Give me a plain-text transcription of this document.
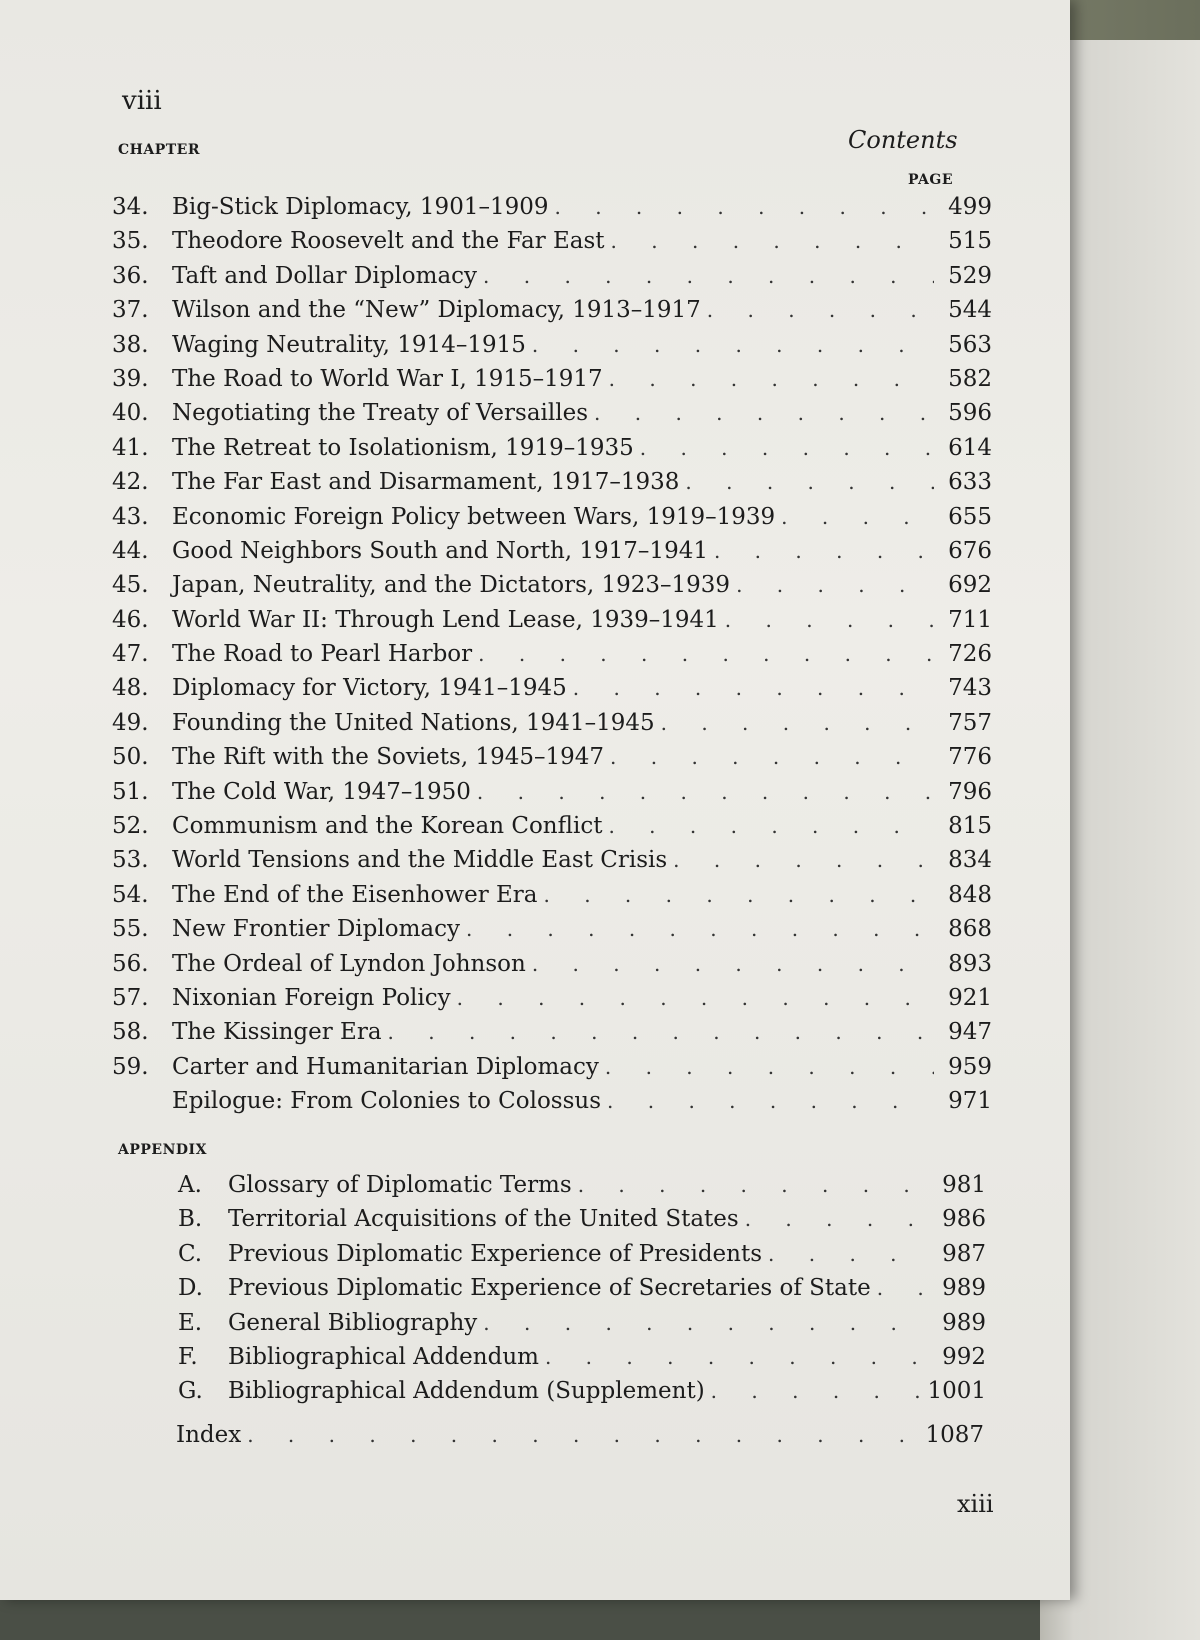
viii
Contents
CHAPTER
PAGE
34.	Big-Stick Diplomacy, 1901–1909 . . .	499
35.	Theodore Roosevelt and the Far East . . .	515
36.	Taft and Dollar Diplomacy . . .	529
37.	Wilson and the “New” Diplomacy, 1913–1917 . . .	544
38.	Waging Neutrality, 1914–1915 . . .	563
39.	The Road to World War I, 1915–1917 . . .	582
40.	Negotiating the Treaty of Versailles . . .	596
41.	The Retreat to Isolationism, 1919–1935 . . .	614
42.	The Far East and Disarmament, 1917–1938 . . .	633
43.	Economic Foreign Policy between Wars, 1919–1939 . . .	655
44.	Good Neighbors South and North, 1917–1941 . . .	676
45.	Japan, Neutrality, and the Dictators, 1923–1939 . . .	692
46.	World War II: Through Lend Lease, 1939–1941 . . .	711
47.	The Road to Pearl Harbor . . .	726
48.	Diplomacy for Victory, 1941–1945 . . .	743
49.	Founding the United Nations, 1941–1945 . . .	757
50.	The Rift with the Soviets, 1945–1947 . . .	776
51.	The Cold War, 1947–1950 . . .	796
52.	Communism and the Korean Conflict . . .	815
53.	World Tensions and the Middle East Crisis . . .	834
54.	The End of the Eisenhower Era . . .	848
55.	New Frontier Diplomacy . . .	868
56.	The Ordeal of Lyndon Johnson . . .	893
57.	Nixonian Foreign Policy . . .	921
58.	The Kissinger Era . . .	947
59.	Carter and Humanitarian Diplomacy . . .	959
Epilogue: From Colonies to Colossus . . .	971
APPENDIX
A.	Glossary of Diplomatic Terms . . .	981
B.	Territorial Acquisitions of the United States . . .	986
C.	Previous Diplomatic Experience of Presidents . . .	987
D.	Previous Diplomatic Experience of Secretaries of State . . .	989
E.	General Bibliography . . .	989
F.	Bibliographical Addendum . . .	992
G.	Bibliographical Addendum (Supplement) . . .	1001
Index . . .	1087
xiii
